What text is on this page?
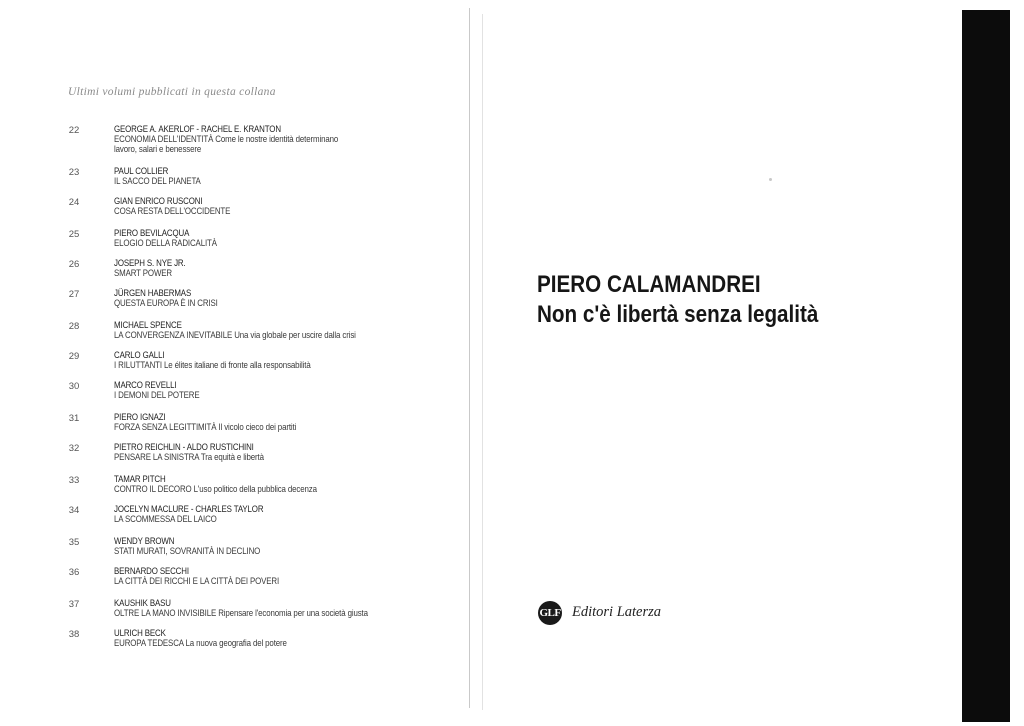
Ultimi volumi pubblicati in questa collana
22	GEORGE A. AKERLOF - RACHEL E. KRANTON
ECONOMIA DELL'IDENTITÀ Come le nostre identità determinano
lavoro, salari e benessere
23	PAUL COLLIER
IL SACCO DEL PIANETA
24	GIAN ENRICO RUSCONI
COSA RESTA DELL'OCCIDENTE
25	PIERO BEVILACQUA
ELOGIO DELLA RADICALITÀ
26	JOSEPH S. NYE JR.
SMART POWER
27	JÜRGEN HABERMAS
QUESTA EUROPA È IN CRISI
28	MICHAEL SPENCE
LA CONVERGENZA INEVITABILE Una via globale per uscire dalla crisi
29	CARLO GALLI
I RILUTTANTI Le élites italiane di fronte alla responsabilità
30	MARCO REVELLI
I DEMONI DEL POTERE
31	PIERO IGNAZI
FORZA SENZA LEGITTIMITÀ Il vicolo cieco dei partiti
32	PIETRO REICHLIN - ALDO RUSTICHINI
PENSARE LA SINISTRA Tra equità e libertà
33	TAMAR PITCH
CONTRO IL DECORO L'uso politico della pubblica decenza
34	JOCELYN MACLURE - CHARLES TAYLOR
LA SCOMMESSA DEL LAICO
35	WENDY BROWN
STATI MURATI, SOVRANITÀ IN DECLINO
36	BERNARDO SECCHI
LA CITTÀ DEI RICCHI E LA CITTÀ DEI POVERI
37	KAUSHIK BASU
OLTRE LA MANO INVISIBILE Ripensare l'economia per una società giusta
38	ULRICH BECK
EUROPA TEDESCA La nuova geografia del potere
PIERO CALAMANDREI
Non c'è libertà senza legalità
GLF Editori Laterza
